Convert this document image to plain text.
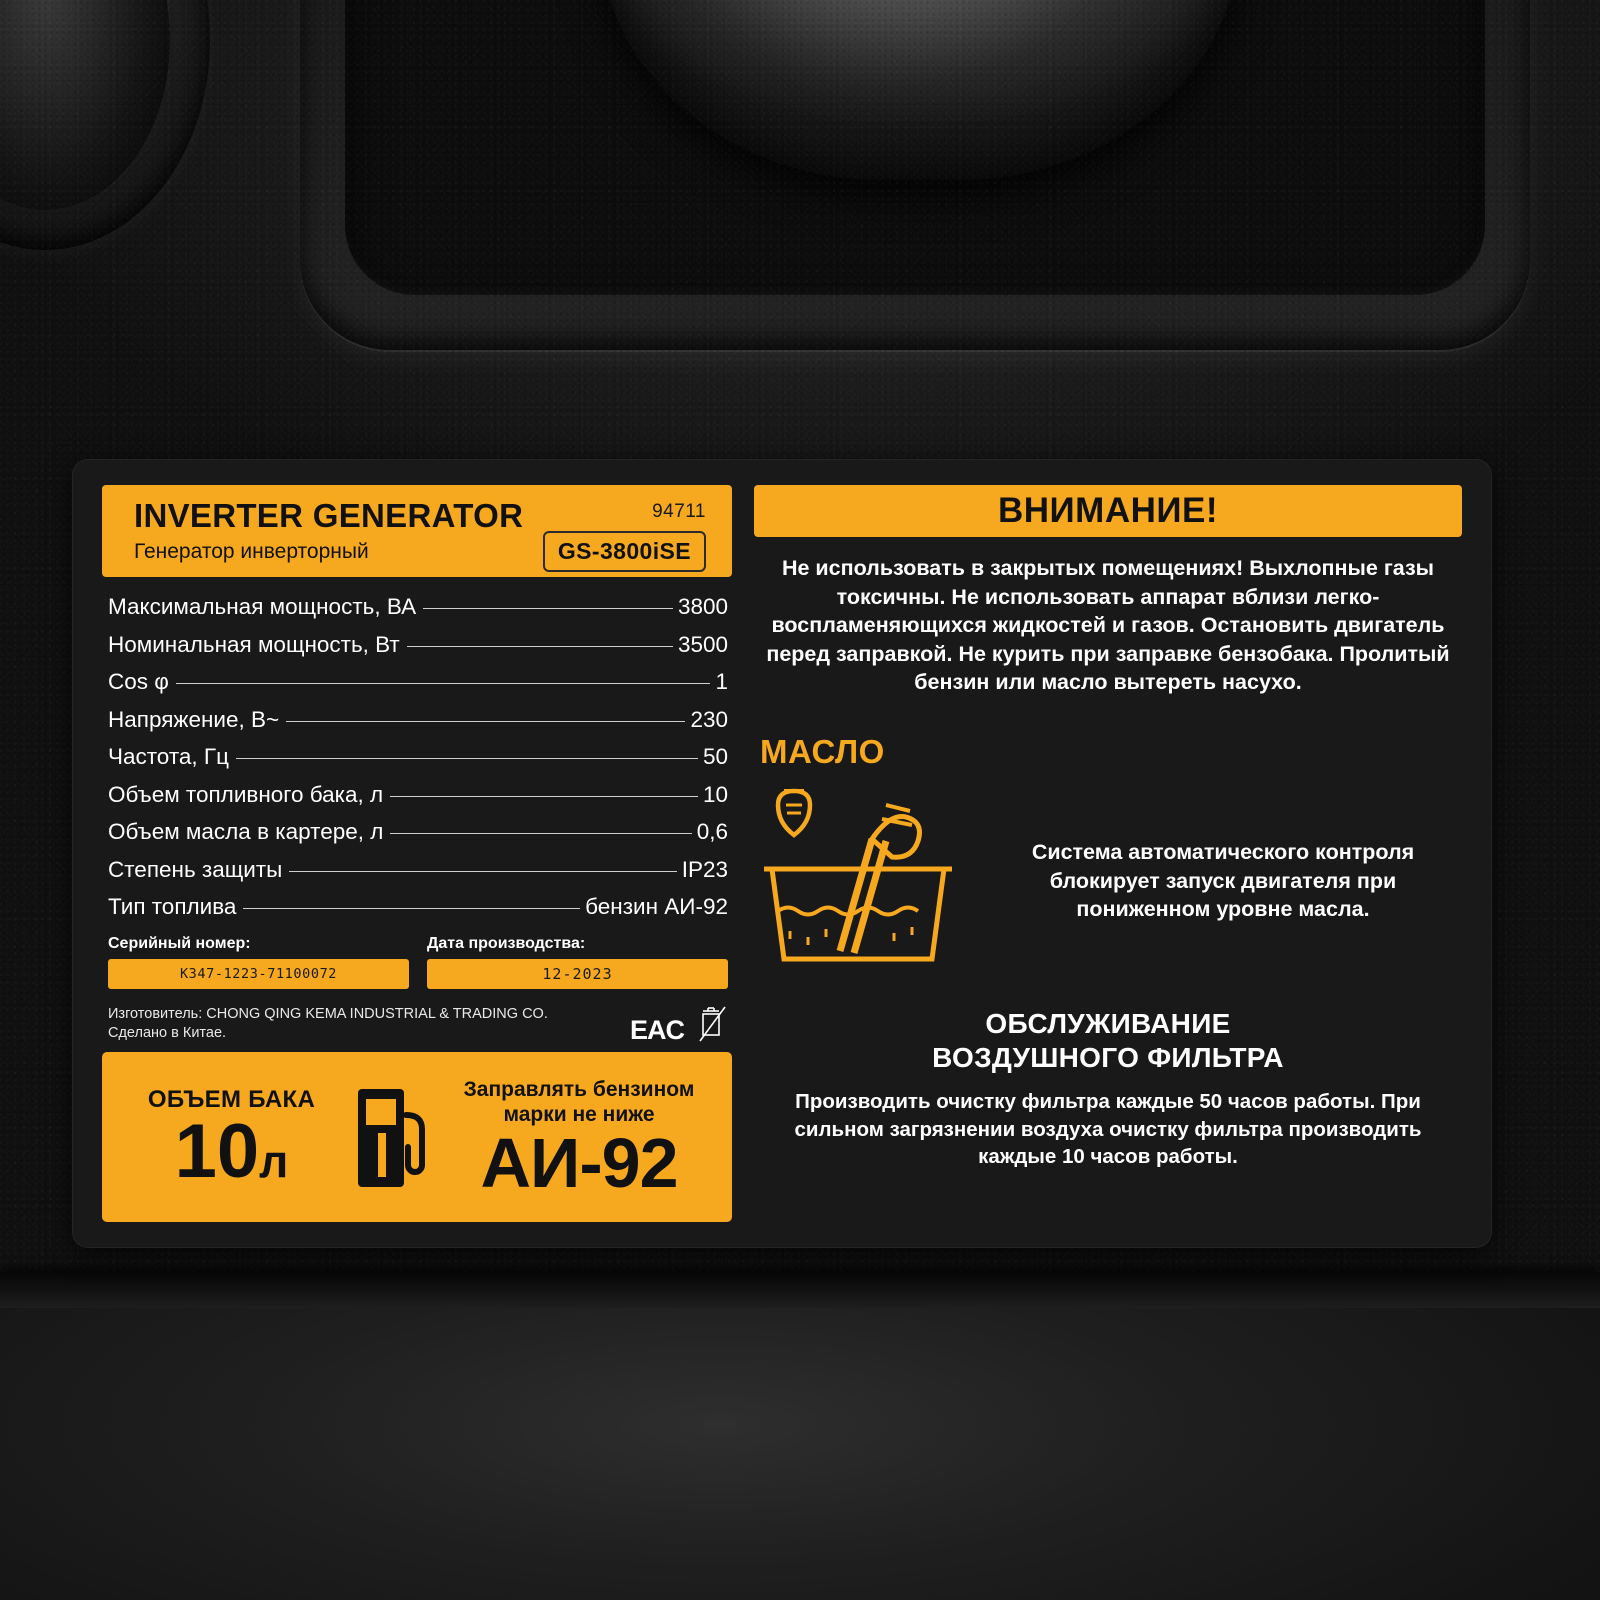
INVERTER GENERATOR
Генератор инверторный
94711
GS-3800iSE
Максимальная мощность, ВА	3800
Номинальная мощность, Вт	3500
Cos φ	1
Напряжение, В~	230
Частота, Гц	50
Объем топливного бака, л	10
Объем масла в картере, л	0,6
Степень защиты	IP23
Тип топлива	бензин АИ-92
Серийный номер:
K347-1223-71100072
Дата производства:
12-2023
Изготовитель: CHONG QING KEMA INDUSTRIAL & TRADING CO.
Сделано в Китае.	EAC
ОБЪЕМ БАКА
10л
Заправлять бензином
марки не ниже
АИ-92
ВНИМАНИЕ!
Не использовать в закрытых помещениях! Выхлопные газы токсичны. Не использовать аппарат вблизи легко-воспламеняющихся жидкостей и газов. Остановить двигатель перед заправкой. Не курить при заправке бензобака. Пролитый бензин или масло вытереть насухо.
МАСЛО
Система автоматического контроля блокирует запуск двигателя при пониженном уровне масла.
ОБСЛУЖИВАНИЕ
ВОЗДУШНОГО ФИЛЬТРА
Производить очистку фильтра каждые 50 часов работы. При сильном загрязнении воздуха очистку фильтра производить каждые 10 часов работы.
